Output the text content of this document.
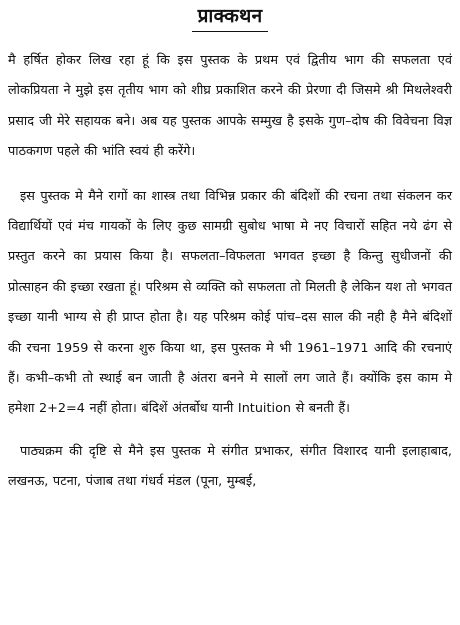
प्राक्कथन

मै हर्षित होकर लिख रहा हूं कि इस पुस्तक के प्रथम एवं द्वितीय भाग की सफलता एवं लोकप्रियता ने मुझे इस तृतीय भाग को शीघ्र प्रकाशित करने की प्रेरणा दी जिसमे श्री मिथलेश्वरी प्रसाद जी मेरे सहायक बने। अब यह पुस्तक आपके सम्मुख है इसके गुण–दोष की विवेचना विज्ञ पाठकगण पहले की भांति स्वयं ही करेंगे।

इस पुस्तक मे मैने रागों का शास्त्र तथा विभिन्न प्रकार की बंदिशों की रचना तथा संकलन कर विद्यार्थियों एवं मंच गायकों के लिए कुछ सामग्री सुबोध भाषा मे नए विचारों सहित नये ढंग से प्रस्तुत करने का प्रयास किया है। सफलता–विफलता भगवत इच्छा है किन्तु सुधीजनों की प्रोत्साहन की इच्छा रखता हूं। परिश्रम से व्यक्ति को सफलता तो मिलती है लेकिन यश तो भगवत इच्छा यानी भाग्य से ही प्राप्त होता है। यह परिश्रम कोई पांच–दस साल की नही है मैने बंदिशों की रचना 1959 से करना शुरु किया था, इस पुस्तक मे भी 1961–1971 आदि की रचनाएं हैं। कभी–कभी तो स्थाई बन जाती है अंतरा बनने मे सालों लग जाते हैं। क्योंकि इस काम मे हमेशा 2+2=4 नहीं होता। बंदिशें अंतर्बोध यानी Intuition से बनती हैं।

पाठ्यक्रम की दृष्टि से मैने इस पुस्तक मे संगीत प्रभाकर, संगीत विशारद यानी इलाहाबाद, लखनऊ, पटना, पंजाब तथा गंधर्व मंडल (पूना, मुम्बई,
